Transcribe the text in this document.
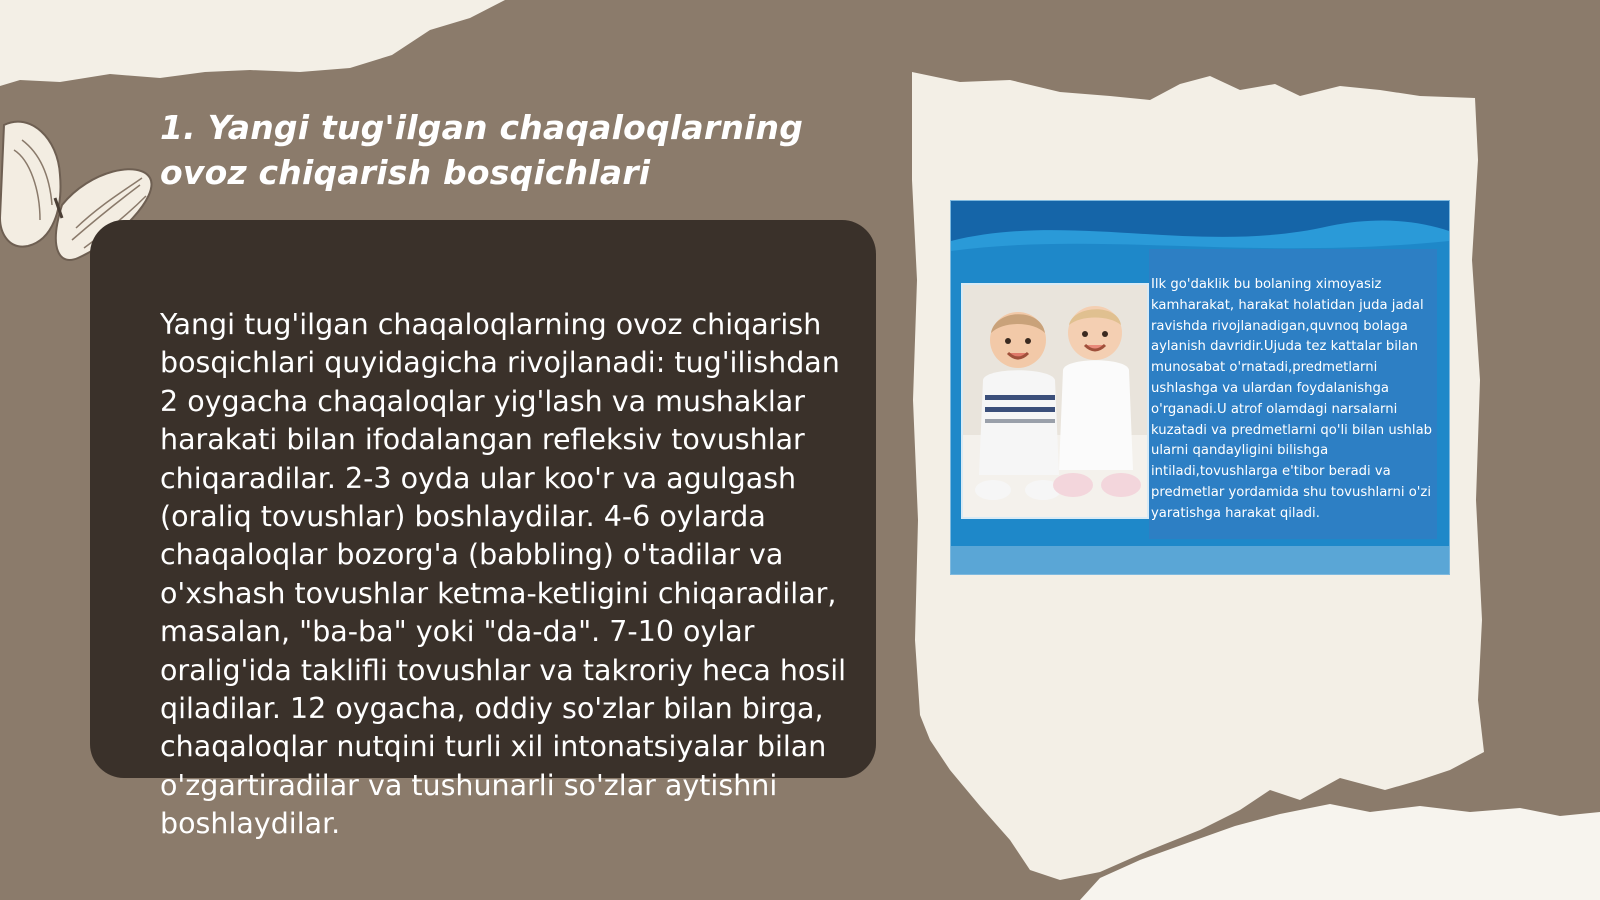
1. Yangi tug'ilgan chaqaloqlarning ovoz chiqarish bosqichlari

Yangi tug'ilgan chaqaloqlarning ovoz chiqarish bosqichlari quyidagicha rivojlanadi: tug'ilishdan 2 oygacha chaqaloqlar yig'lash va mushaklar harakati bilan ifodalangan refleksiv tovushlar chiqaradilar. 2-3 oyda ular koo'r va agulgash (oraliq tovushlar) boshlaydilar. 4-6 oylarda chaqaloqlar bozorg'a (babbling) o'tadilar va o'xshash tovushlar ketma-ketligini chiqaradilar, masalan, "ba-ba" yoki "da-da". 7-10 oylar oralig'ida taklifli tovushlar va takroriy heca hosil qiladilar. 12 oygacha, oddiy so'zlar bilan birga, chaqaloqlar nutqini turli xil intonatsiyalar bilan o'zgartiradilar va tushunarli so'zlar aytishni boshlaydilar.

Ilk go'daklik bu bolaning ximoyasiz kamharakat, harakat holatidan juda jadal ravishda rivojlanadigan,quvnoq bolaga aylanish davridir.Ujuda tez kattalar bilan munosabat o'rnatadi,predmetlarni ushlashga va ulardan foydalanishga o'rganadi.U atrof olamdagi narsalarni kuzatadi va predmetlarni qo'li bilan ushlab ularni qandayligini bilishga intiladi,tovushlarga e'tibor beradi va predmetlar yordamida shu tovushlarni o'zi yaratishga harakat qiladi.
